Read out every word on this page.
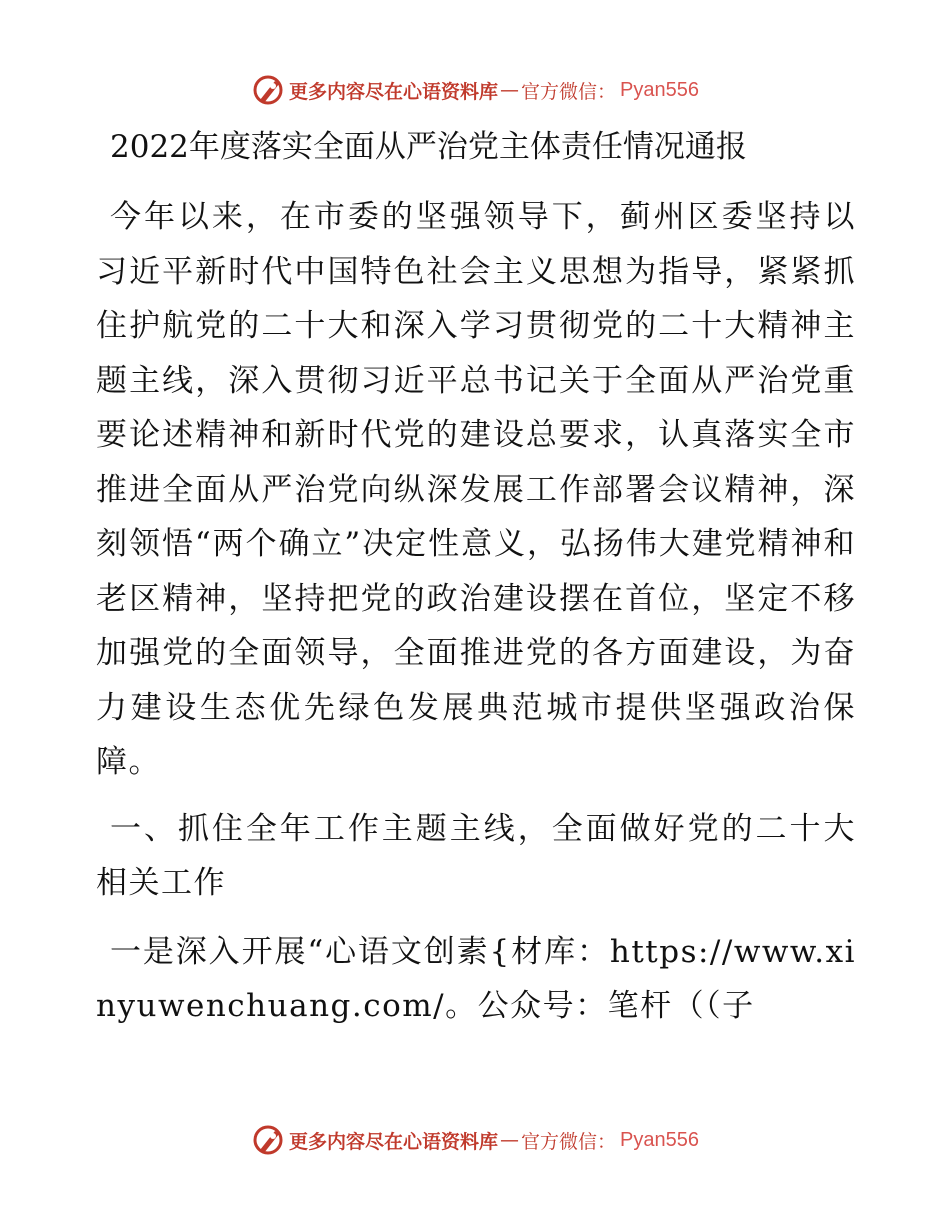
更多内容尽在心语资料库 — 官方微信： Pyan556
2022年度落实全面从严治党主体责任情况通报

今年以来，在市委的坚强领导下，蓟州区委坚持以习近平新时代中国特色社会主义思想为指导，紧紧抓住护航党的二十大和深入学习贯彻党的二十大精神主题主线，深入贯彻习近平总书记关于全面从严治党重要论述精神和新时代党的建设总要求，认真落实全市推进全面从严治党向纵深发展工作部署会议精神，深刻领悟“两个确立”决定性意义，弘扬伟大建党精神和老区精神，坚持把党的政治建设摆在首位，坚定不移加强党的全面领导，全面推进党的各方面建设，为奋力建设生态优先绿色发展典范城市提供坚强政治保障。

一、抓住全年工作主题主线，全面做好党的二十大相关工作

一是深入开展“心语文创素{材库：https://www.xinyuwenchuang.com/。公众号：笔杆（（子

更多内容尽在心语资料库 — 官方微信： Pyan556
